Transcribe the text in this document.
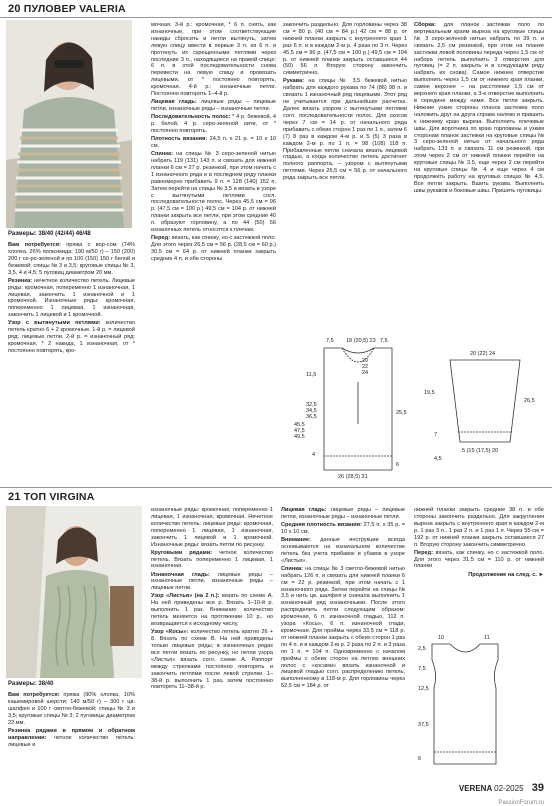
20 ПУЛОВЕР VALERIA
Размеры: 38/40 (42/44) 46/48

Вам потребуется: пряжа с вор-сом (74% хлопка, 26% полиэмида; 190 м/50 г) – 150 (200) 200 г се-ро-зеленой и по 100 (150) 150 г белой и бежевой; спицы № 3 и 3,5; круговые спицы № 3, 3,5, 4 и 4,5; 5 пуговиц диаметром 20 мм.

Резинка: нечетное количество петель. Лицевые ряды: кромочная, попеременно 1 изнаночная, 1 лицевая, закончить 1 изнаночной и 1 кромочной. Изнаночные ряды: кромочная, попеременно 1 лицевая, 1 изнаночная, закончить 1 лицевой и 1 кромочной.

Узор с вытянутыми петлями: количество петель кратно 6 + 2 кромочные. 1-й р. = лицевой ряд: лицевые петли. 2-й р. = изнаночный ряд: кромочная, * 2 накида, 1 изнаночная, от * постоянно повторять, кро-

мочная. 3-й р.: кромочная, * 6 п. снять, как изнаночные, при этом соответствующие накиды сбросить и петли вытянуть, затем левую спицу ввести в первые 3 п. из 6 п. и протянуть их скрещенными петлями через последние 3 п., находящиеся на правой спице; 6 п. в этой последовательности снова перевести на левую спицу и провязать лицевыми, от * постоянно повторять, кромочная. 4-й р.: изнаночные петли. Постоянно повторять 1–4-й р.

Лицевая гладь: лицевые ряды – лицевые петли, изнаночные ряды – изнаночные петли.

Последовательность полос: * 4 р. бежевой, 4 р. белой, 4 р. серо-зеленой нити, от * постоянно повторять.

Плотность вязания: 24,5 п. x 21 р. = 10 x 10 см.

Спинка: на спицы № 3 серо-зеленой нитью набрать 119 (131) 143 п. и связать для нижней планки 6 см = 27 р. резинкой, при этом начать с 1 изнаночного ряда и в последнем ряду планки равномерно прибавить 9 п. = 128 (140) 152 п. Затем перейти на спицы № 3,5 и вязать в узоре с вытянутыми петлями согл. последовательности полос. Через 45,5 см = 96 р. (47,5 см = 100 р.) 49,5 см = 104 р. от нижней планки закрыть все петли, при этом средние 40 п. образуют горловину, а по 44 (50) 56 изнаночных петель относятся к плечам.

Перед: вязать, как спинку, но с застежкой поло. Для этого через 26,5 см = 56 р. (28,5 см = 60 р.) 30,5 см = 64 р. от нижней планки закрыть средние 4 п. и обе стороны

закончить раздельно. Для горловины через 38 см = 80 р. (40 см = 84 р.) 42 см = 88 р. от нижней планки закрыть с внутреннего края 1 раз 6 п. и в каждом 2-м р. 4 раза по 3 п. Через 45,5 см = 96 р. (47,5 см = 100 р.) 49,5 см = 104 р. от нижней планки закрыть оставшиеся 44 (50) 56 п. Вторую сторону закончить симметрично.

Рукава: на спицы № 3,5 бежевой нитью набрать для каждого рукава по 74 (86) 98 п. и связать 1 изнаночный ряд лицевыми. Этот ряд не учитывается при дальнейших расчетах. Далее вязать узором с вытянутыми петлями согл. последовательности полос. Для скосов через 7 см = 14 р. от начального ряда прибавить с обеих сторон 1 раз по 1 п., затем 6 (7) 8 раз в каждом 4-м р. и 5 (5) 3 раза в каждом 2-м р. по 1 п. = 98 (108) 118 п. Прибавленные петли сначала вязать лицевой гладью, а когда количество петель достигнет полного раппорта, – узором с вытянутыми петлями. Через 26,5 см = 56 р. от начального ряда закрыть все петли.

Сборка: для планок застежки поло по вертикальным краям выреза на круговые спицы № 3 серо-зеленой нитью набрать по 39 п. и связать 2,5 см резинкой, при этом на планке застежки левой половины переда через 1,5 см от набора петель выполнить 3 отверстия для пуговиц (= 2 п. закрыть и в следующем ряду набрать их снова). Самое нижнее отверстие выполнить через 1,5 см от нижнего края планки, самое верхнее – на расстоянии 1,5 см от верхнего края планки, а 3-е отверстие выполнить в середине между ними. Все петли закрыть. Нижние узкие стороны планок застежки поло наложить друг на друга справа налево и пришить к нижнему краю выреза. Выполнить плечевые швы. Для воротника по краю горловины и узким сторонам планок застежки на круговые спицы № 3 серо-зеленой нитью от начального ряда набрать 133 п. и связать 11 см резинкой, при этом через 2 см от нижней планки перейти на круговые спицы № 3,5, еще через 2 см перейти на круговые спицы № 4 и еще через 4 см продолжить работу на круговых спицах № 4,5. Все петли закрыть. Вшить рукава. Выполнить швы рукавов и боковые швы. Пришить пуговицы.

7,5 18 (20,5) 23 7,5
20
22
24
11,5
32,5
34,5
36,5
45,5
47,5
49,5
25,5
26 (28,5) 31
6
4
20 (22) 24
26,5
19,5
7
5 (15 (17,5) 20
4,5
21 ТОП VIRGINA
Размеры: 38/40

Вам потребуется: пряжа (90% хлопка, 10% кашемировой шерсти; 140 м/50 г) – 300 г цв. шалфея и 100 г святло-бежевой; спицы № 3 и 3,5; круговые спицы № 3; 2 пуговицы диаметром 22 мм.

Резинка рядами в прямом и обратном направлении: четное количество петель: лицевые и

изнаночные ряды: кромочная, попеременно 1 лицевая, 1 изнаночная, кромочная. Нечетное количество петель: лицевые ряды: кромочная, попеременно 1 лицевая, 1 изнаночная, закончить 1 лицевой и 1 кромочной. Изнаночные ряды: вязать петли по рисунку.

Круговыми рядами: четное количество петель. Вязать попеременно 1 лицевая, 1 изнаночная.

Изнаночная гладь: лицевые ряды – изнаночные петли, изнаночные ряды – лицевые петли.

Узор «Листья» (на 2 п.): вязать по схеме А. На ней приведены все р. Вязать 1–10-й р. выполнить 1 раз. Внимание: количество петель меняется на протяжении 10 р., но возвращается к исходному числу.

Узор «Косы»: количество петель кратно 26 + 8. Вязать по схеме В. На ней приведены только лицевые ряды; в изнаночных рядах все петли вязать по рисунку, но петли узора «Листья» вязать согл. схеме А. Раппорт между стрелками постоянно повторять и закончить петлями после левой стрелки. 1–38-й р. выполнить 1 раз, затем постоянно повторять 11–38-й р.

Лицевая гладь: лицевые ряды – лицевые петли, изнаночные ряды – изнаночные петли.

Средняя плотность вязания: 27,5 п. x 35 р. = 10 x 10 см.

Внимание: данные инструкции всегда основываются на изначальном количестве петель без учета прибавок и убавок в узоре «Листья».

Спинка: на спицы № 3 светло-бежевой нитью набрать 126 п. и связать для нижней планки 6 см = 22 р. резинкой, при этом начать с 1 изнаночного ряда. Затем перейти на спицы № 3,5 и нить цв. шалфея и сначала выполнить 1 изнаночный ряд изнаночными. После этого распределить петли следующим образом: кромочная, 6 п. изнаночной гладью, 112 п. узора «Косы», 6 п. изнаночной глади, кромочная. Для проймы через 33,5 см = 118 р. от нижней планки закрыть с обеих сторон 1 раз по 4 п. и в каждом 2-м р. 2 раза по 2 п. и 3 раза по 1 п. = 104 п. Одновременно с началом проймы с обеих сторон на петлях внешних полос с «косами» вязать изнаночной и лицевой гладью согл. распределению петель, выполненному в 118-м р. Для горловины через 52,5 см = 184 р. от

нижней планки закрыть средние 38 п. и обе стороны закончить раздельно. Для закругления выреза закрыть с внутреннего края в каждом 2-м р. 1 раз 3 п., 1 раз 2 п. и 1 раз 1 п. Через 55 см = 192 р. от нижней планки закрыть оставшиеся 27 п. Вторую сторону закончить симметрично.

Перед: вязать, как спинку, но с застежкой поло. Для этого через 31,5 см = 110 р. от нижней планки

Продолжение на след. с. ►

10	11
2,5
7,5
12,5
37,5
6
VERENA 02-2025 39
PassionForum.ru
